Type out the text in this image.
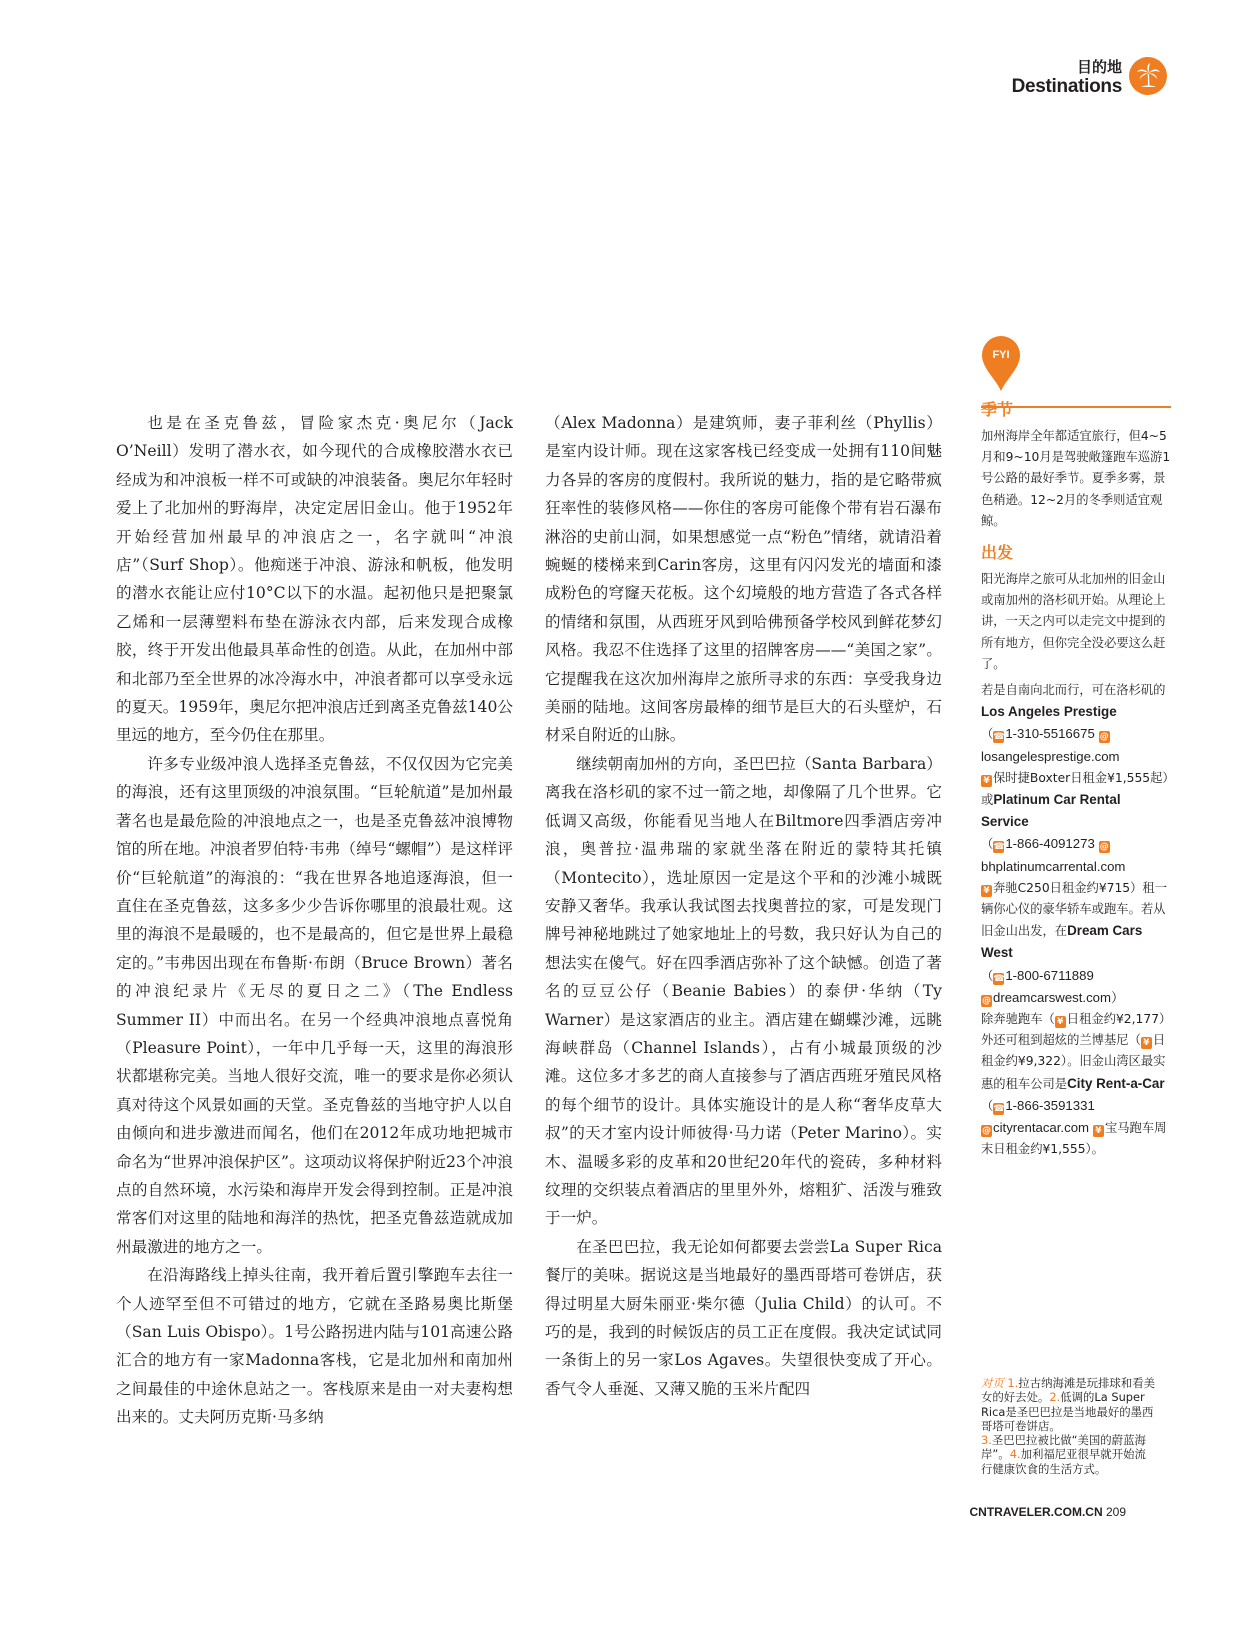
目的地
Destinations

也是在圣克鲁兹，冒险家杰克·奥尼尔（Jack O’Neill）发明了潜水衣，如今现代的合成橡胶潜水衣已经成为和冲浪板一样不可或缺的冲浪装备。奥尼尔年轻时爱上了北加州的野海岸，决定定居旧金山。他于1952年开始经营加州最早的冲浪店之一，名字就叫“冲浪店”（Surf Shop）。他痴迷于冲浪、游泳和帆板，他发明的潜水衣能让应付10°C以下的水温。起初他只是把聚氯乙烯和一层薄塑料布垫在游泳衣内部，后来发现合成橡胶，终于开发出他最具革命性的创造。从此，在加州中部和北部乃至全世界的冰冷海水中，冲浪者都可以享受永远的夏天。1959年，奥尼尔把冲浪店迁到离圣克鲁兹140公里远的地方，至今仍住在那里。

许多专业级冲浪人选择圣克鲁兹，不仅仅因为它完美的海浪，还有这里顶级的冲浪氛围。“巨轮航道”是加州最著名也是最危险的冲浪地点之一，也是圣克鲁兹冲浪博物馆的所在地。冲浪者罗伯特·韦弗（绰号“螺帽”）是这样评价“巨轮航道”的海浪的：“我在世界各地追逐海浪，但一直住在圣克鲁兹，这多多少少告诉你哪里的浪最壮观。这里的海浪不是最暖的，也不是最高的，但它是世界上最稳定的。”韦弗因出现在布鲁斯·布朗（Bruce Brown）著名的冲浪纪录片《无尽的夏日之二》（The Endless Summer II）中而出名。在另一个经典冲浪地点喜悦角（Pleasure Point），一年中几乎每一天，这里的海浪形状都堪称完美。当地人很好交流，唯一的要求是你必须认真对待这个风景如画的天堂。圣克鲁兹的当地守护人以自由倾向和进步激进而闻名，他们在2012年成功地把城市命名为“世界冲浪保护区”。这项动议将保护附近23个冲浪点的自然环境，水污染和海岸开发会得到控制。正是冲浪常客们对这里的陆地和海洋的热忱，把圣克鲁兹造就成加州最激进的地方之一。

在沿海路线上掉头往南，我开着后置引擎跑车去往一个人迹罕至但不可错过的地方，它就在圣路易奥比斯堡（San Luis Obispo）。1号公路拐进内陆与101高速公路汇合的地方有一家Madonna客栈，它是北加州和南加州之间最佳的中途休息站之一。客栈原来是由一对夫妻构想出来的。丈夫阿历克斯·马多纳

（Alex Madonna）是建筑师，妻子菲利丝（Phyllis）是室内设计师。现在这家客栈已经变成一处拥有110间魅力各异的客房的度假村。我所说的魅力，指的是它略带疯狂率性的装修风格——你住的客房可能像个带有岩石瀑布淋浴的史前山洞，如果想感觉一点“粉色”情绪，就请沿着蜿蜒的楼梯来到Carin客房，这里有闪闪发光的墙面和漆成粉色的穹窿天花板。这个幻境般的地方营造了各式各样的情绪和氛围，从西班牙风到哈佛预备学校风到鲜花梦幻风格。我忍不住选择了这里的招牌客房——“美国之家”。它提醒我在这次加州海岸之旅所寻求的东西：享受我身边美丽的陆地。这间客房最棒的细节是巨大的石头壁炉，石材采自附近的山脉。

继续朝南加州的方向，圣巴巴拉（Santa Barbara）离我在洛杉矶的家不过一箭之地，却像隔了几个世界。它低调又高级，你能看见当地人在Biltmore四季酒店旁冲浪，奥普拉·温弗瑞的家就坐落在附近的蒙特其托镇（Montecito），选址原因一定是这个平和的沙滩小城既安静又奢华。我承认我试图去找奥普拉的家，可是发现门牌号神秘地跳过了她家地址上的号数，我只好认为自己的想法实在傻气。好在四季酒店弥补了这个缺憾。创造了著名的豆豆公仔（Beanie Babies）的泰伊·华纳（Ty Warner）是这家酒店的业主。酒店建在蝴蝶沙滩，远眺海峡群岛（Channel Islands），占有小城最顶级的沙滩。这位多才多艺的商人直接参与了酒店西班牙殖民风格的每个细节的设计。具体实施设计的是人称“奢华皮草大叔”的天才室内设计师彼得·马力诺（Peter Marino）。实木、温暖多彩的皮革和20世纪20年代的瓷砖，多种材料纹理的交织装点着酒店的里里外外，熔粗犷、活泼与雅致于一炉。

在圣巴巴拉，我无论如何都要去尝尝La Super Rica餐厅的美味。据说这是当地最好的墨西哥塔可卷饼店，获得过明星大厨朱丽亚·柴尔德（Julia Child）的认可。不巧的是，我到的时候饭店的员工正在度假。我决定试试同一条街上的另一家Los Agaves。失望很快变成了开心。香气令人垂涎、又薄又脆的玉米片配四

FYI
季节

加州海岸全年都适宜旅行，但4~5月和9~10月是驾驶敞篷跑车巡游1号公路的最好季节。夏季多雾，景色稍逊。12~2月的冬季则适宜观鲸。

出发

阳光海岸之旅可从北加州的旧金山或南加州的洛杉矶开始。从理论上讲，一天之内可以走完文中提到的所有地方，但你完全没必要这么赶了。

若是自南向北而行，可在洛杉矶的Los Angeles Prestige
（☎1-310-5516675 @
losangelesprestige.com
¥ 保时捷Boxter日租金¥1,555起）或Platinum Car Rental Service
（☎1-866-4091273 @
bhplatinumcarrental.com
¥ 奔驰C250日租金约¥715）租一辆你心仪的豪华轿车或跑车。若从旧金山出发，在Dream Cars West
（☎1-800-6711889
@ dreamcarswest.com）
除奔驰跑车（ ¥ 日租金约¥2,177）外还可租到超炫的兰博基尼（ ¥ 日租金约¥9,322）。旧金山湾区最实惠的租车公司是City Rent-a-Car（☎1-866-3591331
@ cityrentacar.com ¥ 宝马跑车周末日租金约¥1,555）。

对页 1.拉古纳海滩是玩排球和看美女的好去处。2.低调的La Super Rica是圣巴巴拉是当地最好的墨西哥塔可卷饼店。
3.圣巴巴拉被比做“美国的蔚蓝海岸”。4.加利福尼亚很早就开始流行健康饮食的生活方式。
CNTRAVELER.COM.CN 209
